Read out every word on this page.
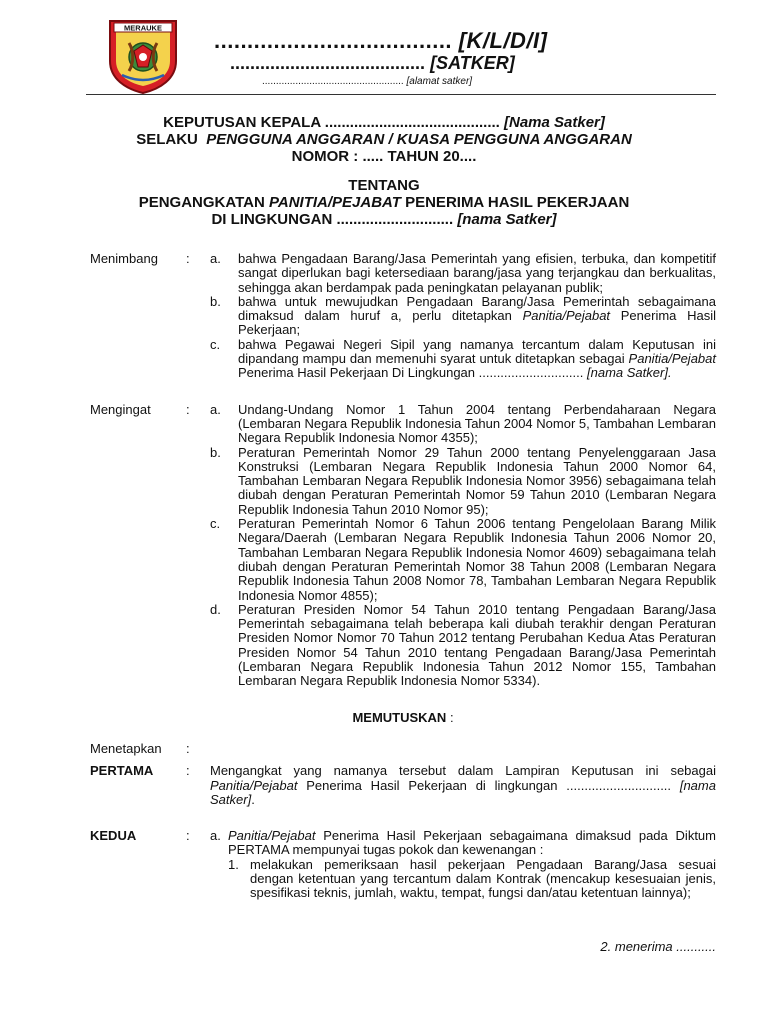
MERAUKE .................................... [K/L/D/I]
....................................... [SATKER]
................................................... [alamat satker]
KEPUTUSAN KEPALA .......................................... [Nama Satker]
SELAKU PENGGUNA ANGGARAN / KUASA PENGGUNA ANGGARAN
NOMOR : ..... TAHUN 20....
TENTANG
PENGANGKATAN PANITIA/PEJABAT PENERIMA HASIL PEKERJAAN
DI LINGKUNGAN ............................ [nama Satker]
Menimbang	:	a.	bahwa Pengadaan Barang/Jasa Pemerintah yang efisien, terbuka, dan kompetitif sangat diperlukan bagi ketersediaan barang/jasa yang terjangkau dan berkualitas, sehingga akan berdampak pada peningkatan pelayanan publik;
b.	bahwa untuk mewujudkan Pengadaan Barang/Jasa Pemerintah sebagaimana dimaksud dalam huruf a, perlu ditetapkan Panitia/Pejabat Penerima Hasil Pekerjaan;
c.	bahwa Pegawai Negeri Sipil yang namanya tercantum dalam Keputusan ini dipandang mampu dan memenuhi syarat untuk ditetapkan sebagai Panitia/Pejabat Penerima Hasil Pekerjaan Di Lingkungan ............................. [nama Satker].
Mengingat	:	a.	Undang-Undang Nomor 1 Tahun 2004 tentang Perbendaharaan Negara (Lembaran Negara Republik Indonesia Tahun 2004 Nomor 5, Tambahan Lembaran Negara Republik Indonesia Nomor 4355);
b.	Peraturan Pemerintah Nomor 29 Tahun 2000 tentang Penyelenggaraan Jasa Konstruksi (Lembaran Negara Republik Indonesia Tahun 2000 Nomor 64, Tambahan Lembaran Negara Republik Indonesia Nomor 3956) sebagaimana telah diubah dengan Peraturan Pemerintah Nomor 59 Tahun 2010 (Lembaran Negara Republik Indonesia Tahun 2010 Nomor 95);
c.	Peraturan Pemerintah Nomor 6 Tahun 2006 tentang Pengelolaan Barang Milik Negara/Daerah (Lembaran Negara Republik Indonesia Tahun 2006 Nomor 20, Tambahan Lembaran Negara Republik Indonesia Nomor 4609) sebagaimana telah diubah dengan Peraturan Pemerintah Nomor 38 Tahun 2008 (Lembaran Negara Republik Indonesia Tahun 2008 Nomor 78, Tambahan Lembaran Negara Republik Indonesia Nomor 4855);
d.	Peraturan Presiden Nomor 54 Tahun 2010 tentang Pengadaan Barang/Jasa Pemerintah sebagaimana telah beberapa kali diubah terakhir dengan Peraturan Presiden Nomor Nomor 70 Tahun 2012 tentang Perubahan Kedua Atas Peraturan Presiden Nomor 54 Tahun 2010 tentang Pengadaan Barang/Jasa Pemerintah (Lembaran Negara Republik Indonesia Tahun 2012 Nomor 155, Tambahan Lembaran Negara Republik Indonesia Nomor 5334).
MEMUTUSKAN :
Menetapkan	:
PERTAMA	:	Mengangkat yang namanya tersebut dalam Lampiran Keputusan ini sebagai Panitia/Pejabat Penerima Hasil Pekerjaan di lingkungan ............................. [nama Satker].
KEDUA	:	a. Panitia/Pejabat Penerima Hasil Pekerjaan sebagaimana dimaksud pada Diktum PERTAMA mempunyai tugas pokok dan kewenangan :
1. melakukan pemeriksaan hasil pekerjaan Pengadaan Barang/Jasa sesuai dengan ketentuan yang tercantum dalam Kontrak (mencakup kesesuaian jenis, spesifikasi teknis, jumlah, waktu, tempat, fungsi dan/atau ketentuan lainnya);
2. menerima ...........
